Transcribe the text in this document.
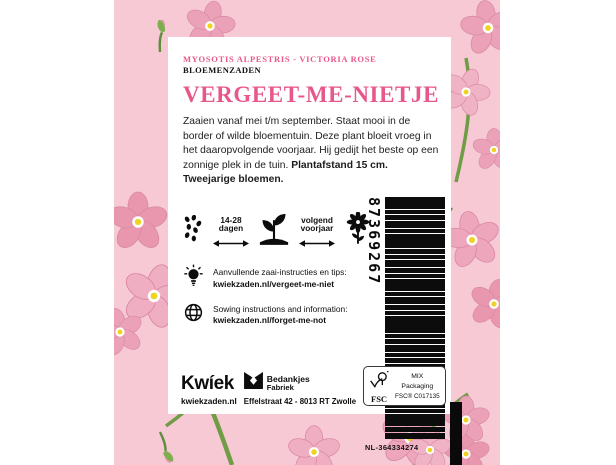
MYOSOTIS ALPESTRIS - VICTORIA ROSE

BLOEMENZADEN

VERGEET-ME-NIETJE

Zaaien vanaf mei t/m september. Staat mooi in de border of wilde bloementuin. Deze plant bloeit vroeg in het daaropvolgende voorjaar. Hij gedijt het beste op een zonnige plek in de tuin. Plantafstand 15 cm. Tweejarige bloemen.

14-28
dagen
volgend
voorjaar
Aanvullende zaai-instructies en tips:
kwiekzaden.nl/vergeet-me-niet
Sowing instructions and information:
kwiekzaden.nl/forget-me-not
87369267
NL-364334274
Kwíek
kwiekzaden.nl
Bedankjes
Fabriek
Effelstraat 42 - 8013 RT Zwolle FSC
MIX
Packaging
FSC® C017135
